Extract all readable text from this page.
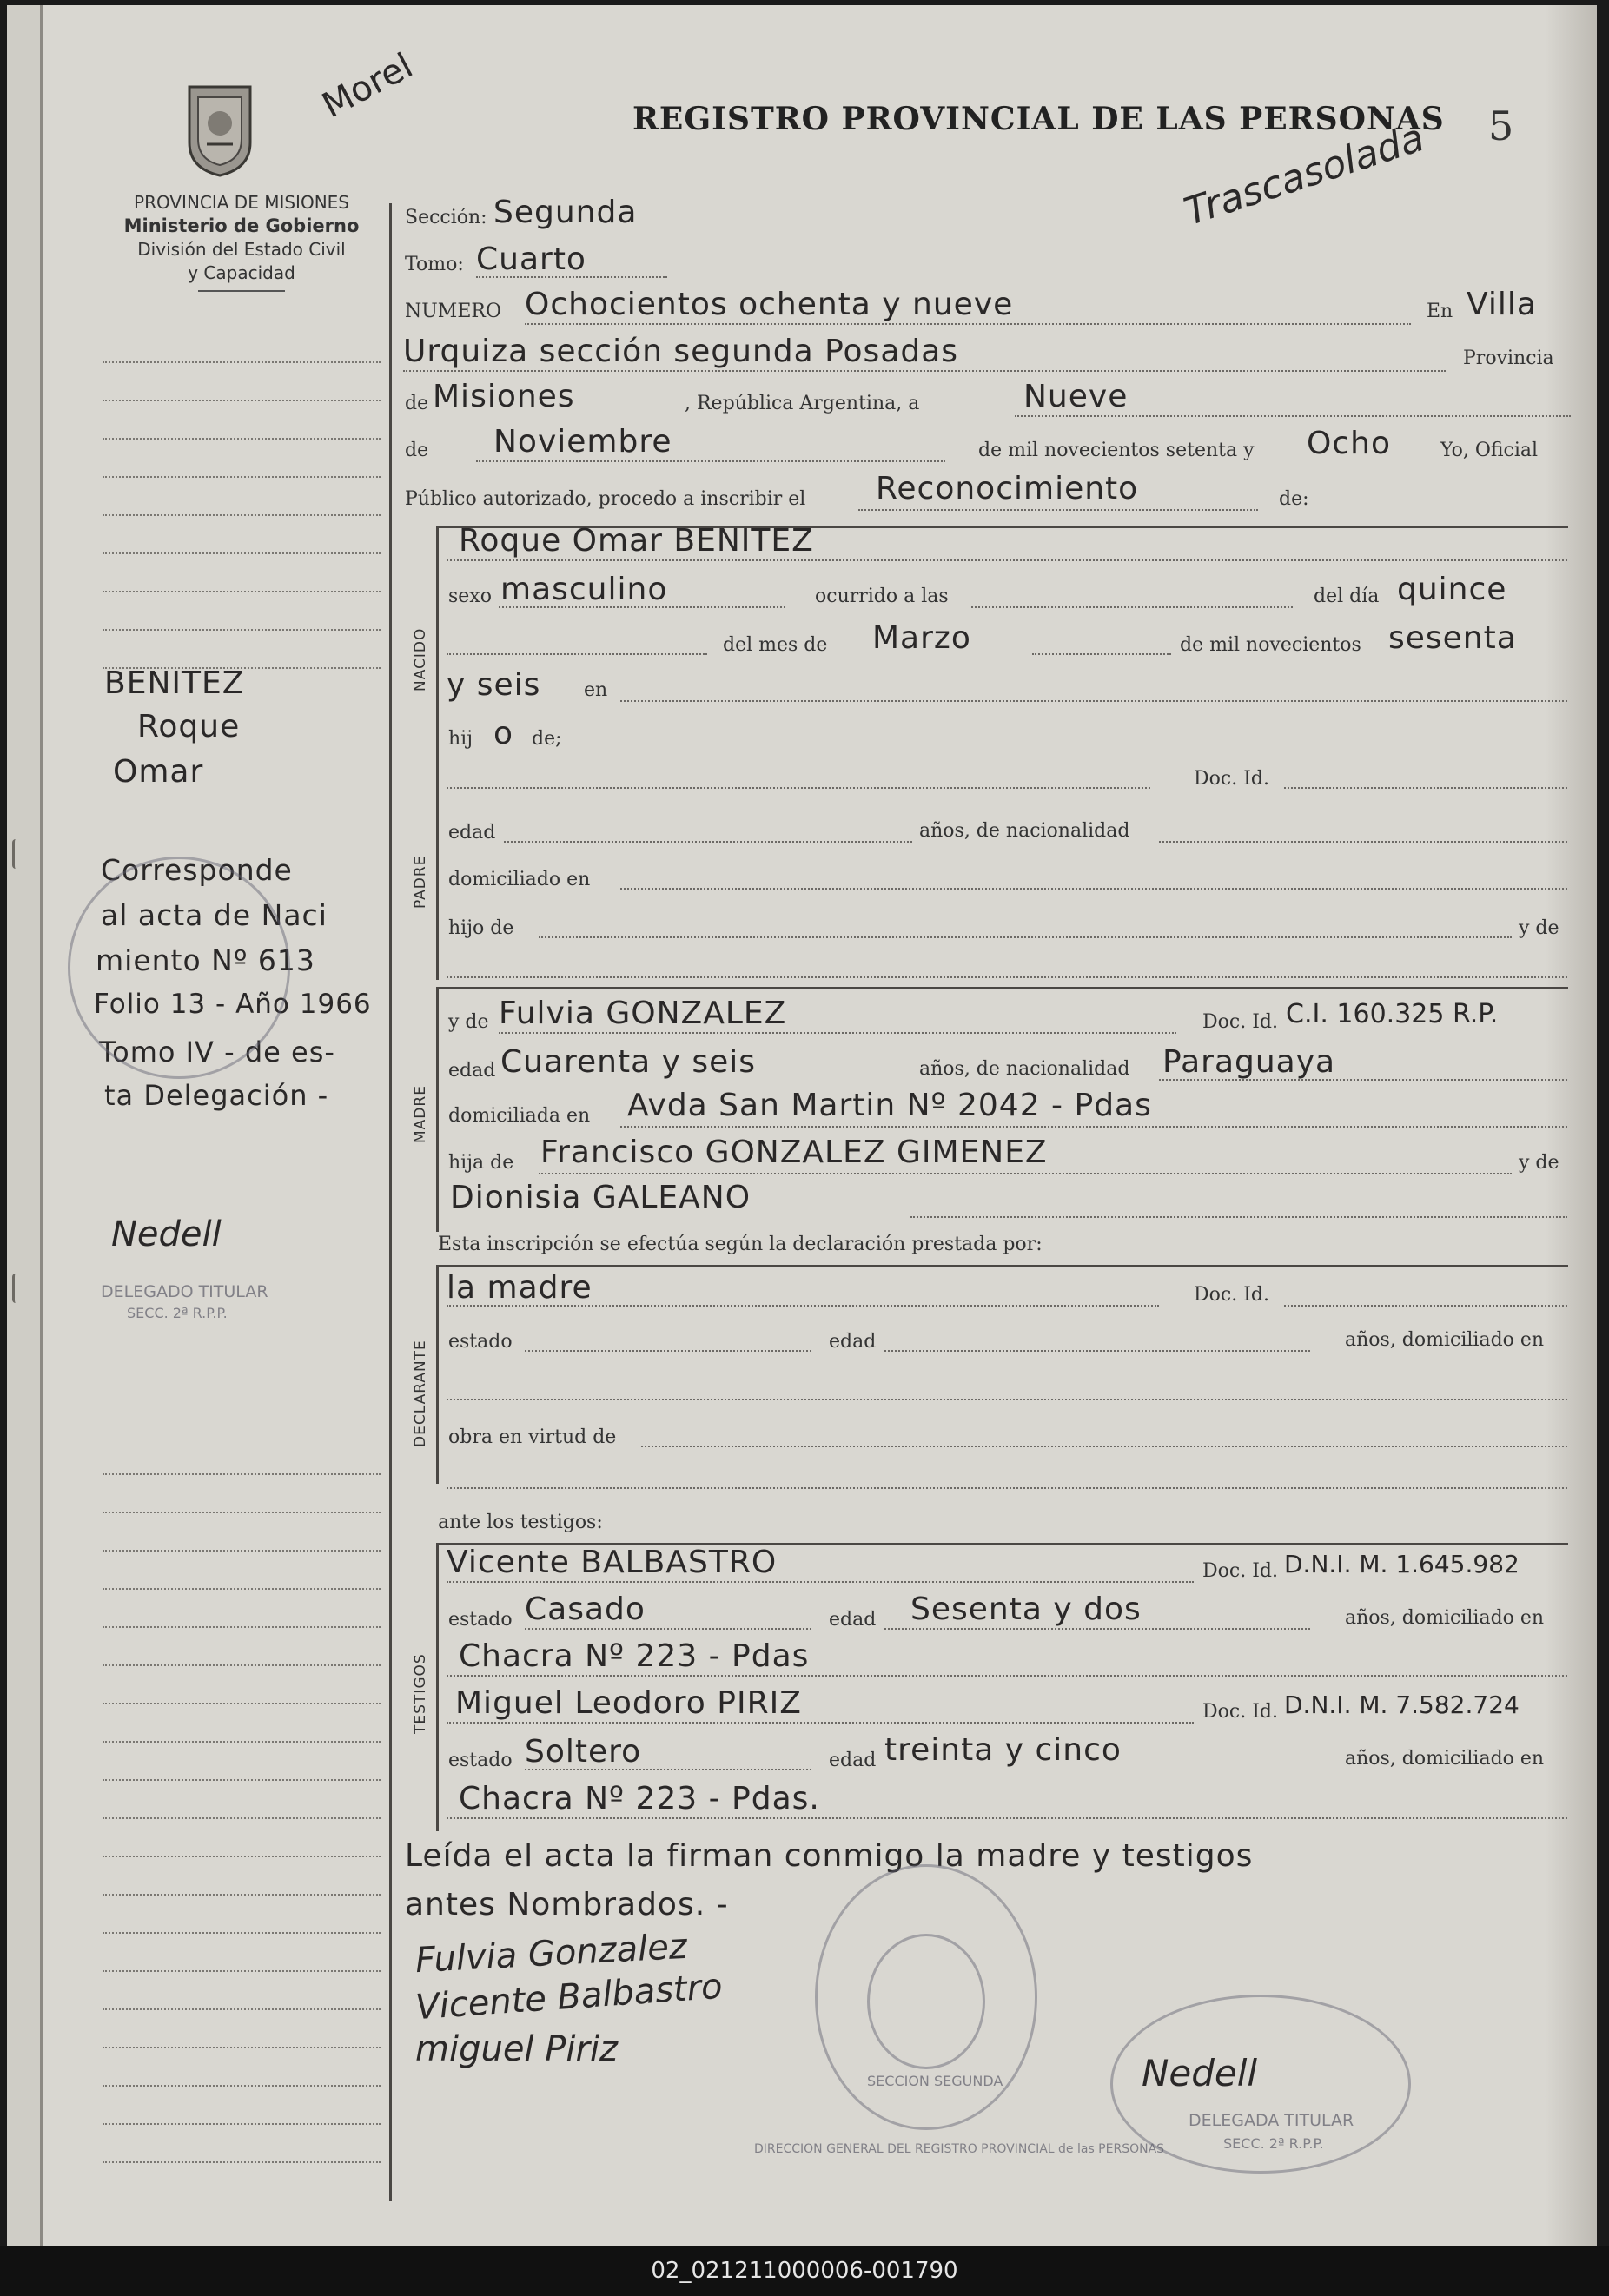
Morel	REGISTRO PROVINCIAL DE LAS PERSONAS 5
Trascasolada
PROVINCIA DE MISIONES
Ministerio de Gobierno
División del Estado Civil
y Capacidad
BENITEZ
Roque
Omar
Corresponde
al acta de Naci
miento Nº 613
Folio 13 - Año 1966
Tomo IV - de es-
ta Delegación -
Nedell
DELEGADO TITULAR
SECC. 2ª R.P.P.
Sección: Segunda
Tomo: Cuarto
NUMERO Ochocientos ochenta y nueve	En Villa
Urquiza sección segunda Posadas	Provincia
de Misiones	, República Argentina, a	Nueve
de Noviembre	de mil novecientos setenta y Ocho	Yo, Oficial
Público autorizado, procedo a inscribir el Reconocimiento	de:
NACIDO
Roque Omar BENITEZ
sexo masculino	ocurrido a las	del día quince
del mes de Marzo	de mil novecientos sesenta
y seis en
hij o de;
PADRE
Doc. Id.
edad	años, de nacionalidad
domiciliado en
hijo de	y de
MADRE
y de Fulvia GONZALEZ	Doc. Id. C.I. 160.325 R.P.
edad Cuarenta y seis	años, de nacionalidad Paraguaya
domiciliada en Avda San Martin Nº 2042 - Pdas
hija de Francisco GONZALEZ GIMENEZ	y de
Dionisia GALEANO
Esta inscripción se efectúa según la declaración prestada por:
DECLARANTE
la madre	Doc. Id.
estado	edad	años, domiciliado en
obra en virtud de
ante los testigos:
TESTIGOS
Vicente BALBASTRO	Doc. Id. D.N.I. M. 1.645.982
estado Casado	edad Sesenta y dos	años, domiciliado en
Chacra Nº 223 - Pdas
Miguel Leodoro PIRIZ	Doc. Id. D.N.I. M. 7.582.724
estado Soltero	edad treinta y cinco	años, domiciliado en
Chacra Nº 223 - Pdas.
Leída el acta la firman conmigo la madre y testigos
antes Nombrados. -
Fulvia Gonzalez
Vicente Balbastro
miguel Piriz
Nedell
DIRECCION GENERAL DEL REGISTRO PROVINCIAL de las PERSONAS
SECCION SEGUNDA
DELEGADA TITULAR
SECC. 2ª R.P.P.
02_021211000006-001790
